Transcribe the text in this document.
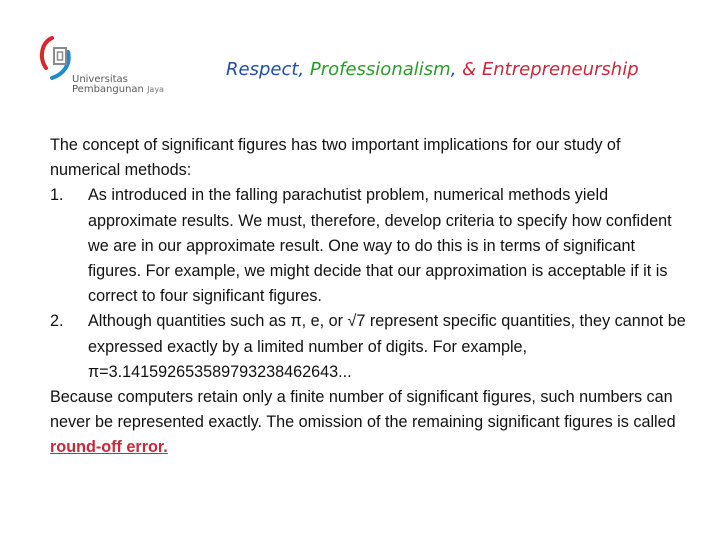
Universitas
Pembangunan Jaya
Respect, Professionalism, & Entrepreneurship

The concept of significant figures has two important implications for our study of numerical methods:

1. As introduced in the falling parachutist problem, numerical methods yield approximate results. We must, therefore, develop criteria to specify how confident we are in our approximate result. One way to do this is in terms of significant figures. For example, we might decide that our approximation is acceptable if it is correct to four significant figures.
2. Although quantities such as π, e, or √7 represent specific quantities, they cannot be expressed exactly by a limited number of digits. For example, π=3.141592653589793238462643...

Because computers retain only a finite number of significant figures, such numbers can never be represented exactly. The omission of the remaining significant figures is called round-off error.
